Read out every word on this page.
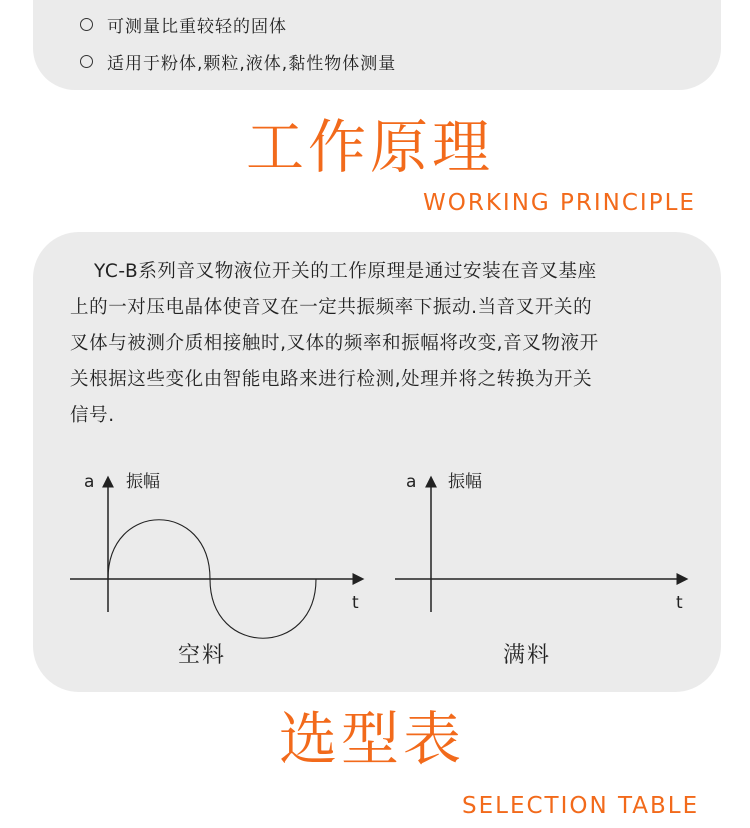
可测量比重较轻的固体
适用于粉体,颗粒,液体,黏性物体测量
工作原理
WORKING PRINCIPLE
YC-B系列音叉物液位开关的工作原理是通过安装在音叉基座
上的一对压电晶体使音叉在一定共振频率下振动.当音叉开关的
叉体与被测介质相接触时,叉体的频率和振幅将改变,音叉物液开
关根据这些变化由智能电路来进行检测,处理并将之转换为开关
信号.
a 振幅
t
a 振幅
t
空料	满料
选型表
SELECTION TABLE
